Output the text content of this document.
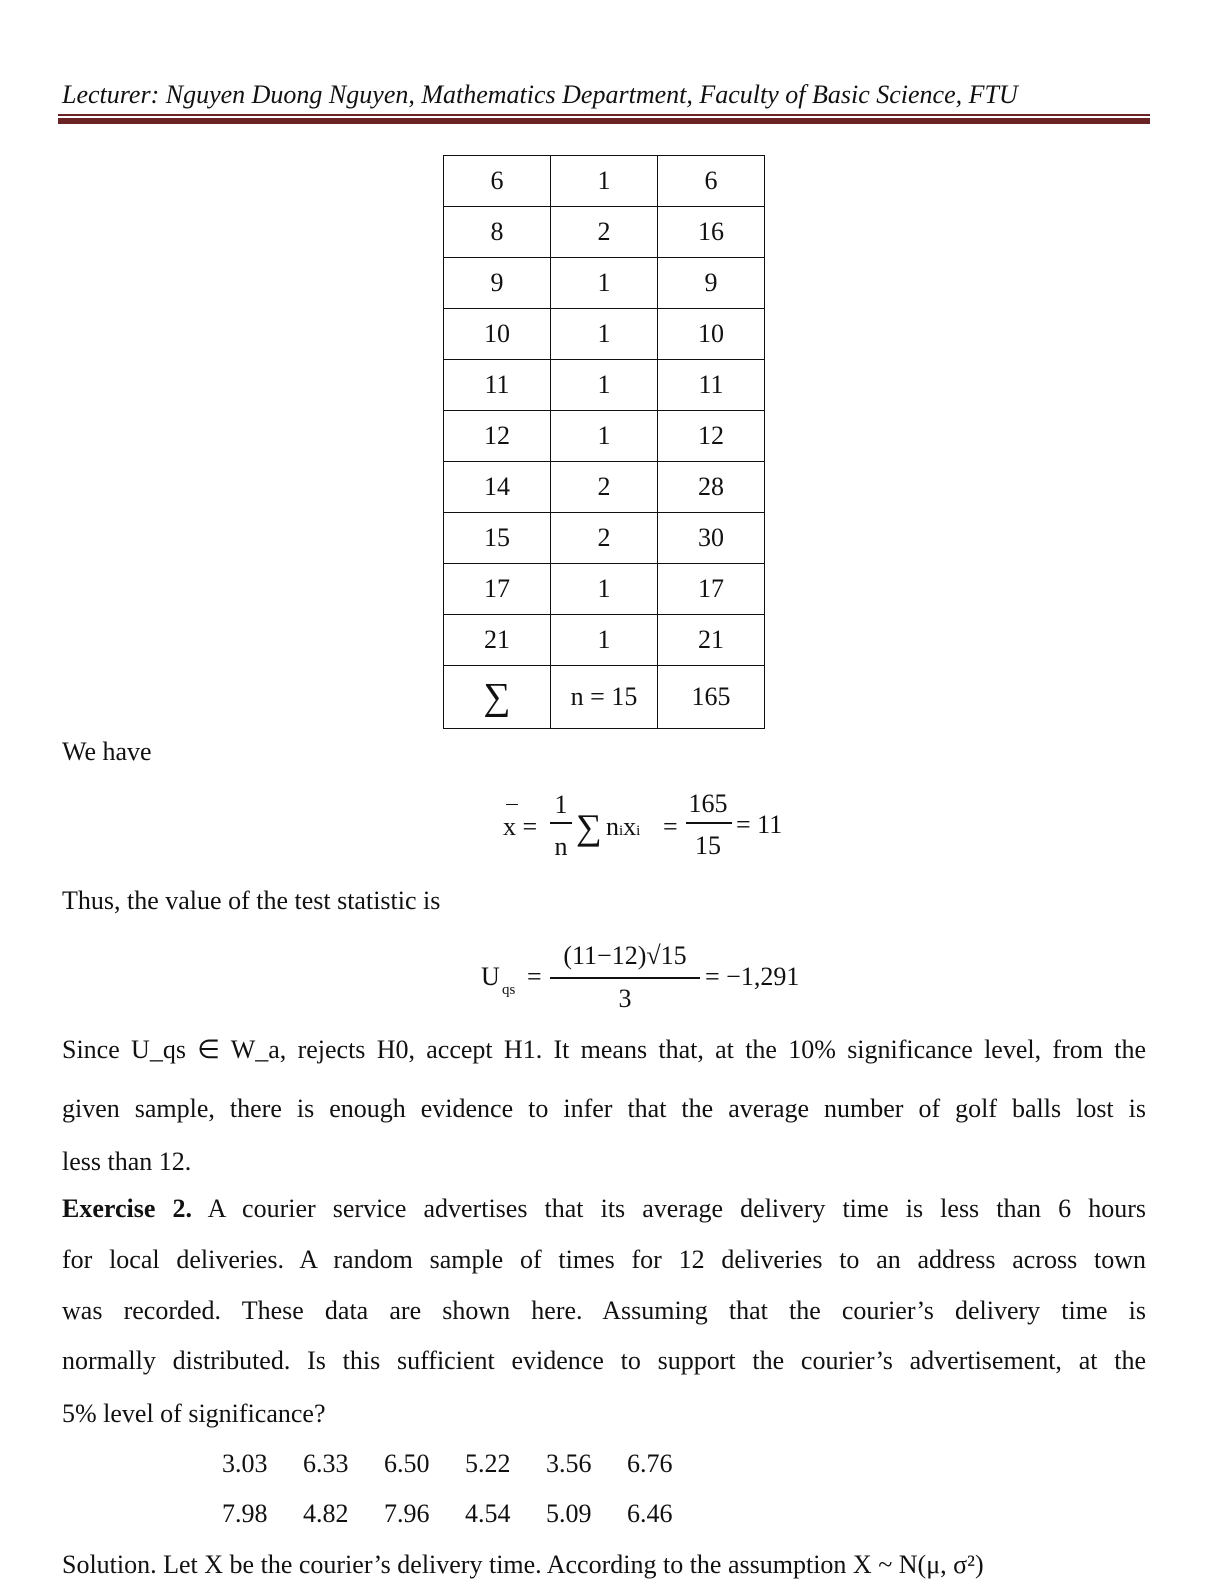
Lecturer: Nguyen Duong Nguyen, Mathematics Department, Faculty of Basic Science, FTU
6	1	6
8	2	16
9	1	9
10	1	10
11	1	11
12	1	12
14	2	28
15	2	30
17	1	17
21	1	21
∑	n = 15	165
We have
x =
1
n ∑ nixi =
165
15
= 11
Thus, the value of the test statistic is
U qs =
(11−12)√15
3
= −1,291
Since U_qs ∈ W_a, rejects H0, accept H1. It means that, at the 10% significance level, from the
given sample, there is enough evidence to infer that the average number of golf balls lost is
less than 12.
Exercise 2. A courier service advertises that its average delivery time is less than 6 hours
for local deliveries. A random sample of times for 12 deliveries to an address across town
was recorded. These data are shown here. Assuming that the courier’s delivery time is
normally distributed. Is this sufficient evidence to support the courier’s advertisement, at the
5% level of significance?
3.03 6.33 6.50 5.22 3.56 6.76
7.98 4.82 7.96 4.54 5.09 6.46
Solution. Let X be the courier’s delivery time. According to the assumption X ~ N(μ, σ²)
